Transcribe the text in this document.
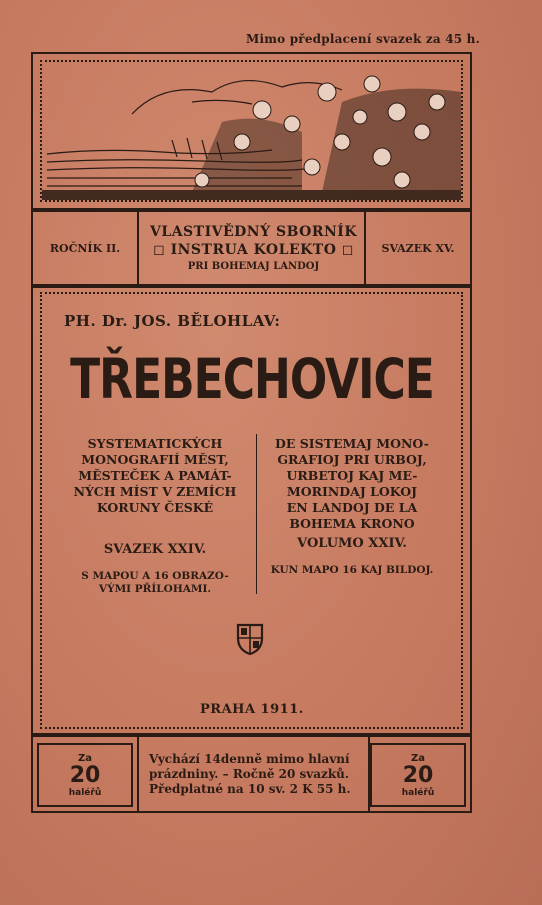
Mimo předplacení svazek za 45 h.
ROČNÍK II.
VLASTIVĚDNÝ SBORNÍK
◻ INSTRUA KOLEKTO ◻
PRI BOHEMAJ LANDOJ
SVAZEK XV.
PH. Dr. JOS. BĚLOHLAV:
TŘEBECHOVICE
SYSTEMATICKÝCH
MONOGRAFIÍ MĚST,
MĚSTEČEK A PAMÁT-
NÝCH MÍST V ZEMÍCH
KORUNY ČESKÉ
SVAZEK XXIV.
S MAPOU A 16 OBRAZO-
VÝMI PŘÍLOHAMI.
DE SISTEMAJ MONO-
GRAFIOJ PRI URBOJ,
URBETOJ KAJ ME-
MORINDAJ LOKOJ
EN LANDOJ DE LA
BOHEMA KRONO
VOLUMO XXIV.
KUN MAPO 16 KAJ BILDOJ.
PRAHA 1911.
Za
20
haléřů
Vychází 14denně mimo hlavní
prázdniny. – Ročně 20 svazků.
Předplatné na 10 sv. 2 K 55 h.
Za
20
haléřů
